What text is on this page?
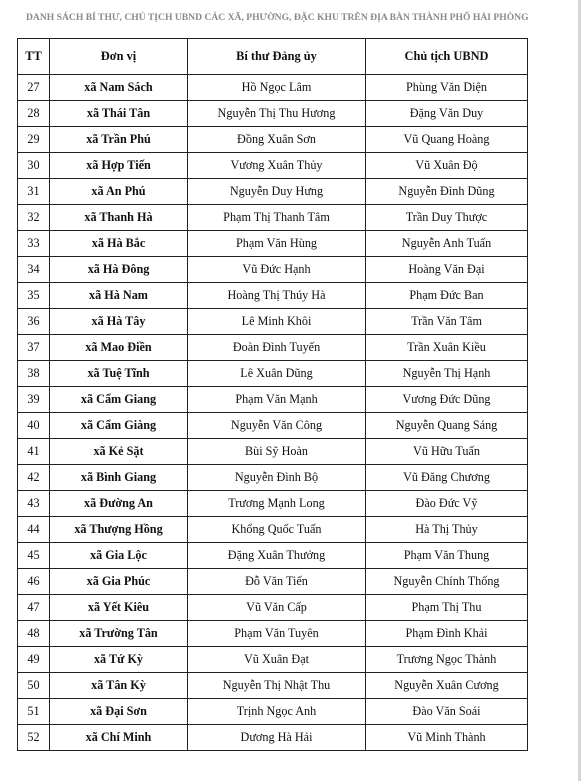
DANH SÁCH BÍ THƯ, CHỦ TỊCH UBND CÁC XÃ, PHƯỜNG, ĐẶC KHU TRÊN ĐỊA BÀN THÀNH PHỐ HẢI PHÒNG
TT	Đơn vị	Bí thư Đảng ủy	Chủ tịch UBND
27	xã Nam Sách	Hồ Ngọc Lâm	Phùng Văn Diện
28	xã Thái Tân	Nguyễn Thị Thu Hương	Đặng Văn Duy
29	xã Trần Phú	Đồng Xuân Sơn	Vũ Quang Hoàng
30	xã Hợp Tiến	Vương Xuân Thủy	Vũ Xuân Độ
31	xã An Phú	Nguyễn Duy Hưng	Nguyễn Đình Dũng
32	xã Thanh Hà	Phạm Thị Thanh Tâm	Trần Duy Thược
33	xã Hà Bắc	Phạm Văn Hùng	Nguyễn Anh Tuấn
34	xã Hà Đông	Vũ Đức Hạnh	Hoàng Văn Đại
35	xã Hà Nam	Hoàng Thị Thúy Hà	Phạm Đức Ban
36	xã Hà Tây	Lê Minh Khôi	Trần Văn Tâm
37	xã Mao Điền	Đoàn Đình Tuyến	Trần Xuân Kiều
38	xã Tuệ Tĩnh	Lê Xuân Dũng	Nguyễn Thị Hạnh
39	xã Cẩm Giang	Phạm Văn Mạnh	Vương Đức Dũng
40	xã Cẩm Giàng	Nguyễn Văn Công	Nguyễn Quang Sáng
41	xã Kẻ Sặt	Bùi Sỹ Hoàn	Vũ Hữu Tuấn
42	xã Bình Giang	Nguyễn Đình Bộ	Vũ Đăng Chương
43	xã Đường An	Trương Mạnh Long	Đào Đức Vỹ
44	xã Thượng Hồng	Khổng Quốc Tuấn	Hà Thị Thủy
45	xã Gia Lộc	Đặng Xuân Thưởng	Phạm Văn Thung
46	xã Gia Phúc	Đỗ Văn Tiến	Nguyễn Chính Thống
47	xã Yết Kiêu	Vũ Văn Cấp	Phạm Thị Thu
48	xã Trường Tân	Phạm Văn Tuyên	Phạm Đình Khải
49	xã Tứ Kỳ	Vũ Xuân Đạt	Trương Ngọc Thành
50	xã Tân Kỳ	Nguyễn Thị Nhật Thu	Nguyễn Xuân Cương
51	xã Đại Sơn	Trịnh Ngọc Anh	Đào Văn Soái
52	xã Chí Minh	Dương Hà Hải	Vũ Minh Thành
